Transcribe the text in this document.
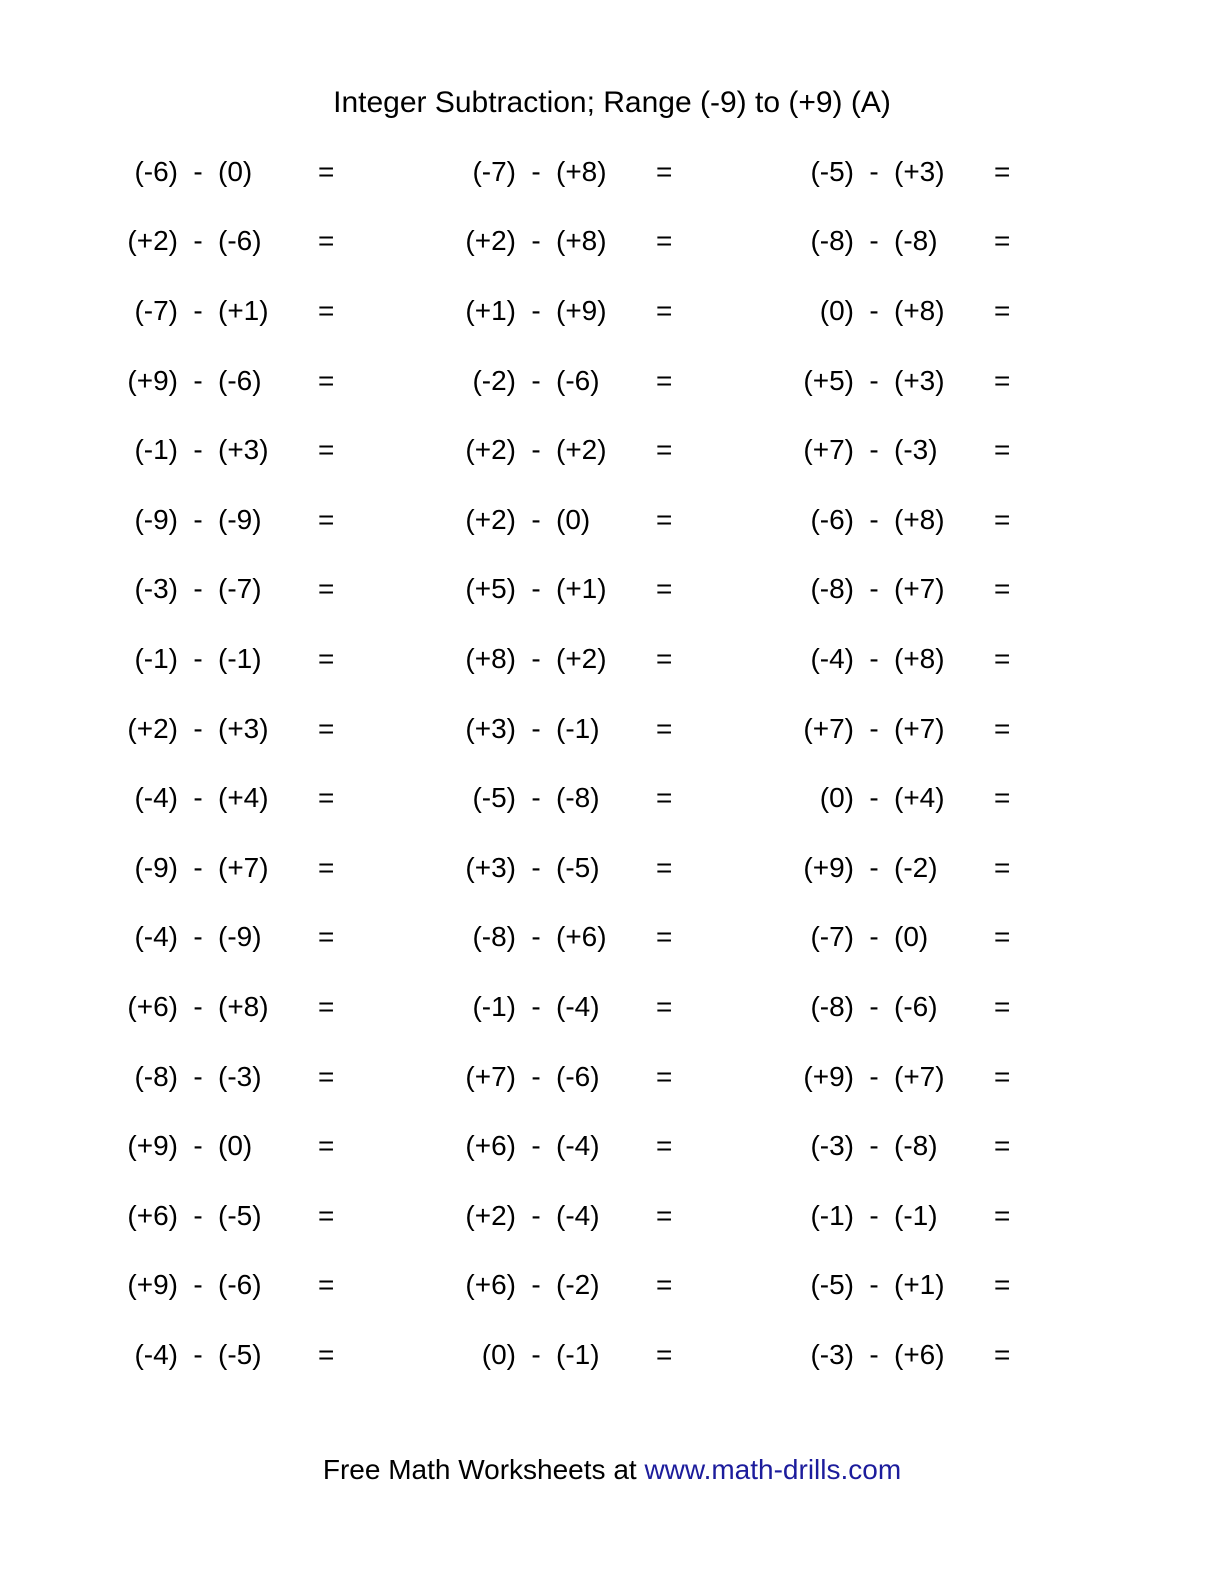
Integer Subtraction; Range (-9) to (+9) (A)
(-6) - (0)	=	(-7) - (+8)	=	(-5) - (+3)	=
(+2) - (-6)	=	(+2) - (+8)	=	(-8) - (-8)	=
(-7) - (+1)	=	(+1) - (+9)	=	(0) - (+8)	=
(+9) - (-6)	=	(-2) - (-6)	=	(+5) - (+3)	=
(-1) - (+3)	=	(+2) - (+2)	=	(+7) - (-3)	=
(-9) - (-9)	=	(+2) - (0)	=	(-6) - (+8)	=
(-3) - (-7)	=	(+5) - (+1)	=	(-8) - (+7)	=
(-1) - (-1)	=	(+8) - (+2)	=	(-4) - (+8)	=
(+2) - (+3)	=	(+3) - (-1)	=	(+7) - (+7)	=
(-4) - (+4)	=	(-5) - (-8)	=	(0) - (+4)	=
(-9) - (+7)	=	(+3) - (-5)	=	(+9) - (-2)	=
(-4) - (-9)	=	(-8) - (+6)	=	(-7) - (0)	=
(+6) - (+8)	=	(-1) - (-4)	=	(-8) - (-6)	=
(-8) - (-3)	=	(+7) - (-6)	=	(+9) - (+7)	=
(+9) - (0)	=	(+6) - (-4)	=	(-3) - (-8)	=
(+6) - (-5)	=	(+2) - (-4)	=	(-1) - (-1)	=
(+9) - (-6)	=	(+6) - (-2)	=	(-5) - (+1)	=
(-4) - (-5)	=	(0) - (-1)	=	(-3) - (+6)	=
Free Math Worksheets at www.math-drills.com
